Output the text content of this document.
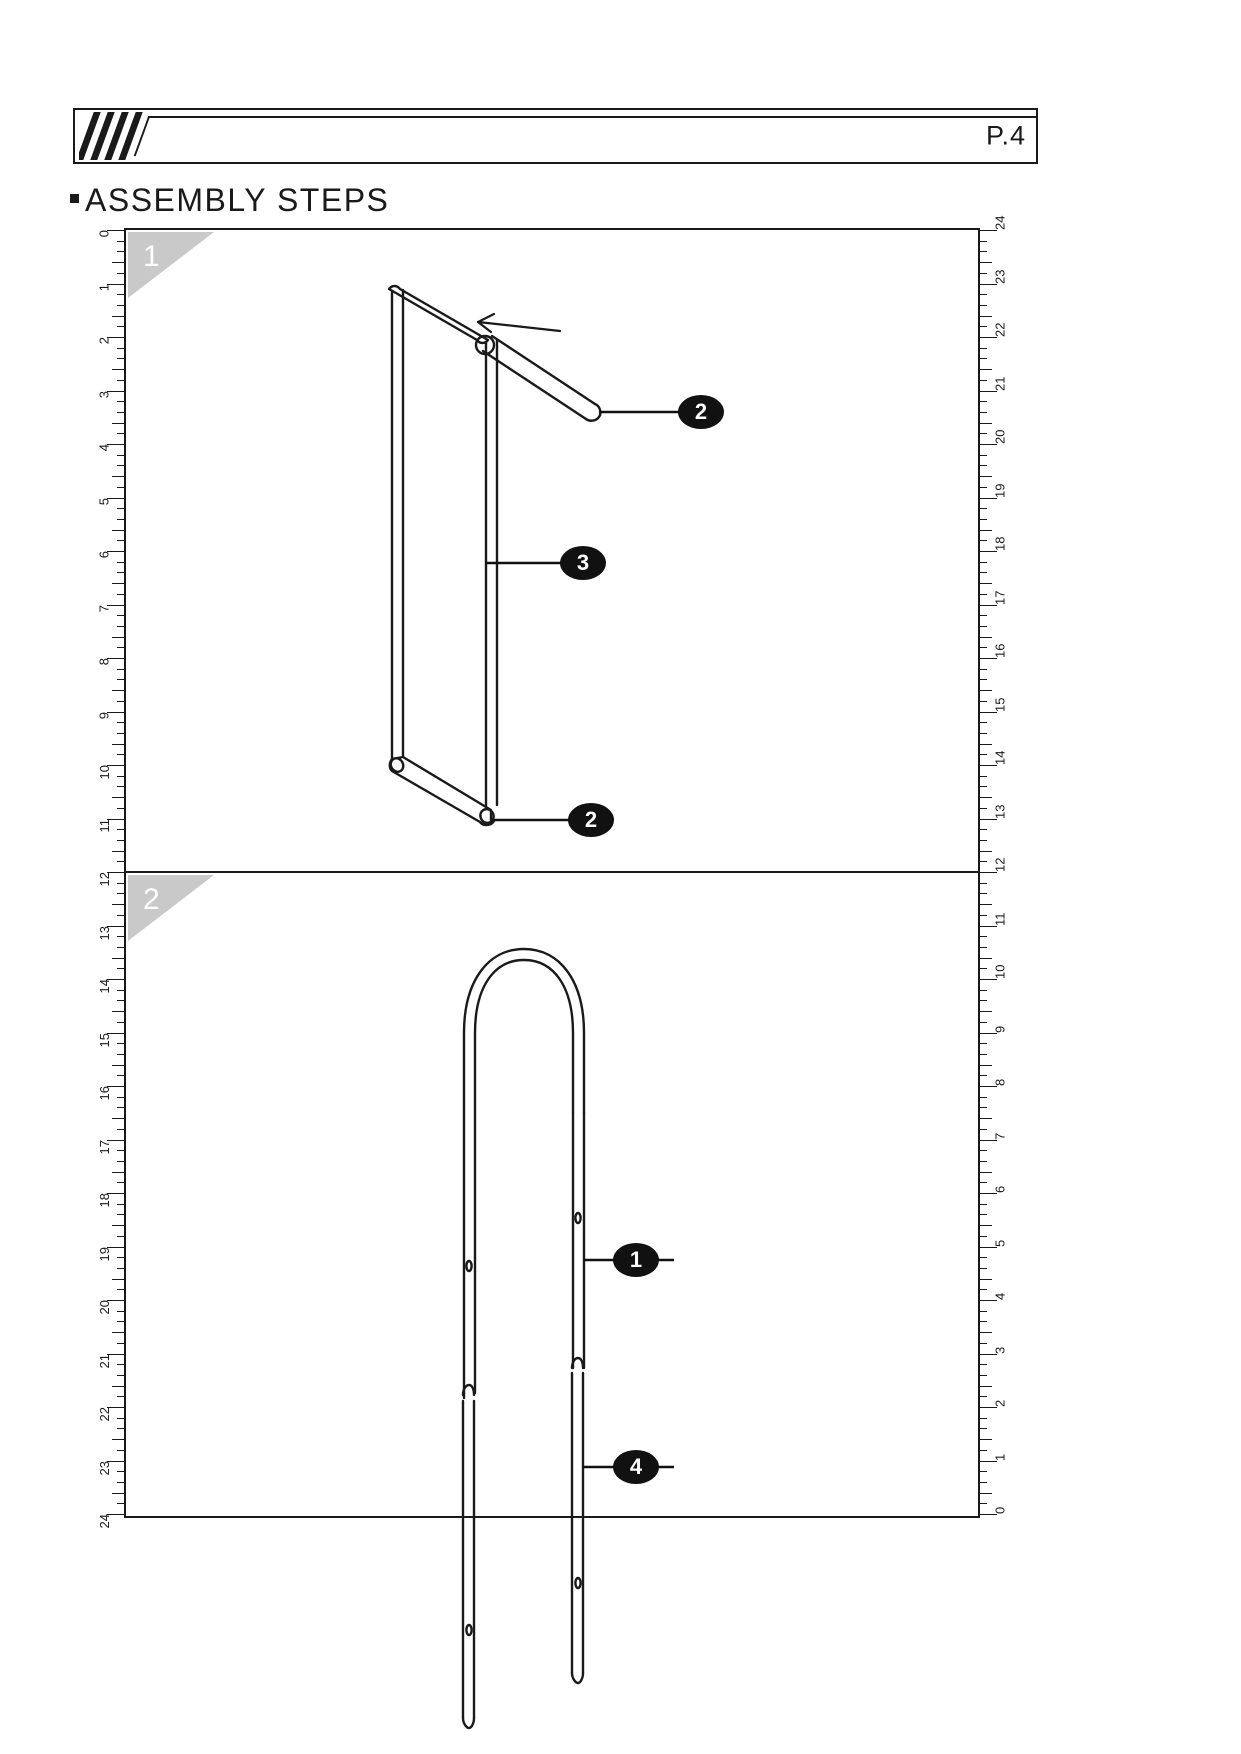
P.4
ASSEMBLY STEPS
0
1
2
3
4
5
6
7
8
9
10
11
12
13
14
15
16
17
18
19
20
21
22
23
24
24
23
22
21
20
19
18
17
16
15
14
13
12
11
10
9
8
7
6
5
4
3
2
1
0
1
2
2
3
2
1
4
